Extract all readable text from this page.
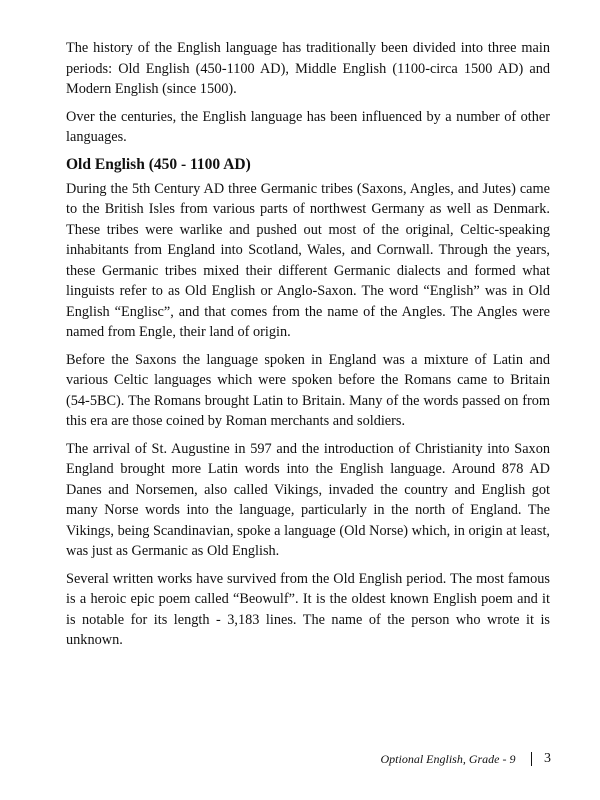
The history of the English language has traditionally been divided into three main periods: Old English (450-1100 AD), Middle English (1100-circa 1500 AD) and Modern English (since 1500).

Over the centuries, the English language has been influenced by a number of other languages.

Old English (450 - 1100 AD)

During the 5th Century AD three Germanic tribes (Saxons, Angles, and Jutes) came to the British Isles from various parts of northwest Germany as well as Denmark. These tribes were warlike and pushed out most of the original, Celtic-speaking inhabitants from England into Scotland, Wales, and Cornwall. Through the years, these Germanic tribes mixed their different Germanic dialects and formed what linguists refer to as Old English or Anglo-Saxon. The word “English” was in Old English “Englisc”, and that comes from the name of the Angles. The Angles were named from Engle, their land of origin.

Before the Saxons the language spoken in England was a mixture of Latin and various Celtic languages which were spoken before the Romans came to Britain (54-5BC). The Romans brought Latin to Britain. Many of the words passed on from this era are those coined by Roman merchants and soldiers.

The arrival of St. Augustine in 597 and the introduction of Christianity into Saxon England brought more Latin words into the English language. Around 878 AD Danes and Norsemen, also called Vikings, invaded the country and English got many Norse words into the language, particularly in the north of England. The Vikings, being Scandinavian, spoke a language (Old Norse) which, in origin at least, was just as Germanic as Old English.

Several written works have survived from the Old English period. The most famous is a heroic epic poem called “Beowulf”. It is the oldest known English poem and it is notable for its length - 3,183 lines. The name of the person who wrote it is unknown.

Optional English, Grade - 9 3
